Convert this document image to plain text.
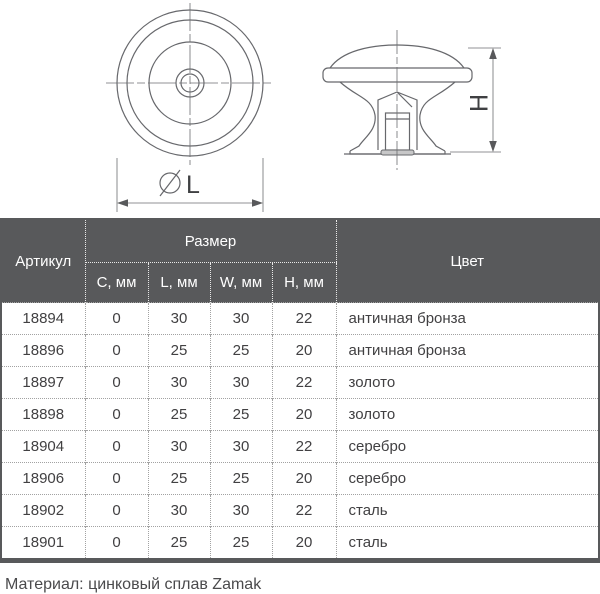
L
H
Артикул	Размер				Цвет
	C, мм	L, мм	W, мм	H, мм	
18894	0	30	30	22	античная бронза
18896	0	25	25	20	античная бронза
18897	0	30	30	22	золото
18898	0	25	25	20	золото
18904	0	30	30	22	серебро
18906	0	25	25	20	серебро
18902	0	30	30	22	сталь
18901	0	25	25	20	сталь
Материал: цинковый сплав Zamak
